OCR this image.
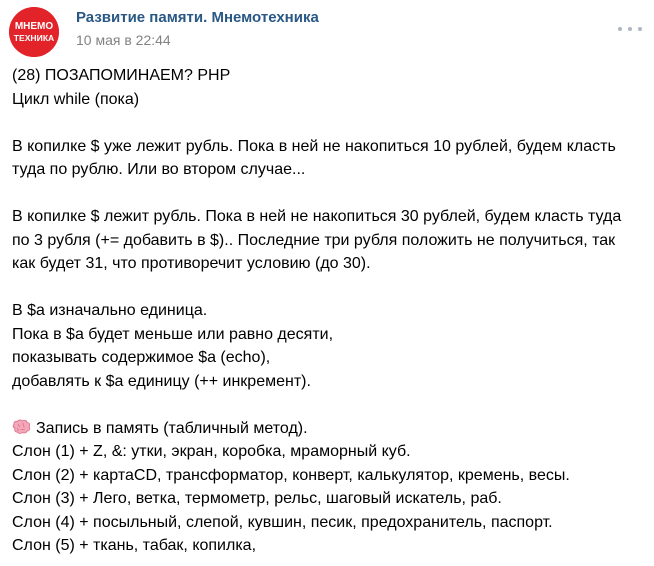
МНЕМО
ТЕХНИКА
Развитие памяти. Мнемотехника
10 мая в 22:44
(28) ПОЗАПОМИНАЕМ? PHP
Цикл while (пока)
В копилке $ уже лежит рубль. Пока в ней не накопиться 10 рублей, будем класть
туда по рублю. Или во втором случае...
В копилке $ лежит рубль. Пока в ней не накопиться 30 рублей, будем класть туда
по 3 рубля (+= добавить в $).. Последние три рубля положить не получиться, так
как будет 31, что противоречит условию (до 30).
В $a изначально единица.
Пока в $a будет меньше или равно десяти,
показывать содержимое $a (echo),
добавлять к $a единицу (++ инкремент).
Запись в память (табличный метод).
Слон (1) + Z, &: утки, экран, коробка, мраморный куб.
Слон (2) + картаCD, трансформатор, конверт, калькулятор, кремень, весы.
Слон (3) + Лего, ветка, термометр, рельс, шаговый искатель, раб.
Слон (4) + посыльный, слепой, кувшин, песик, предохранитель, паспорт.
Слон (5) + ткань, табак, копилка,
